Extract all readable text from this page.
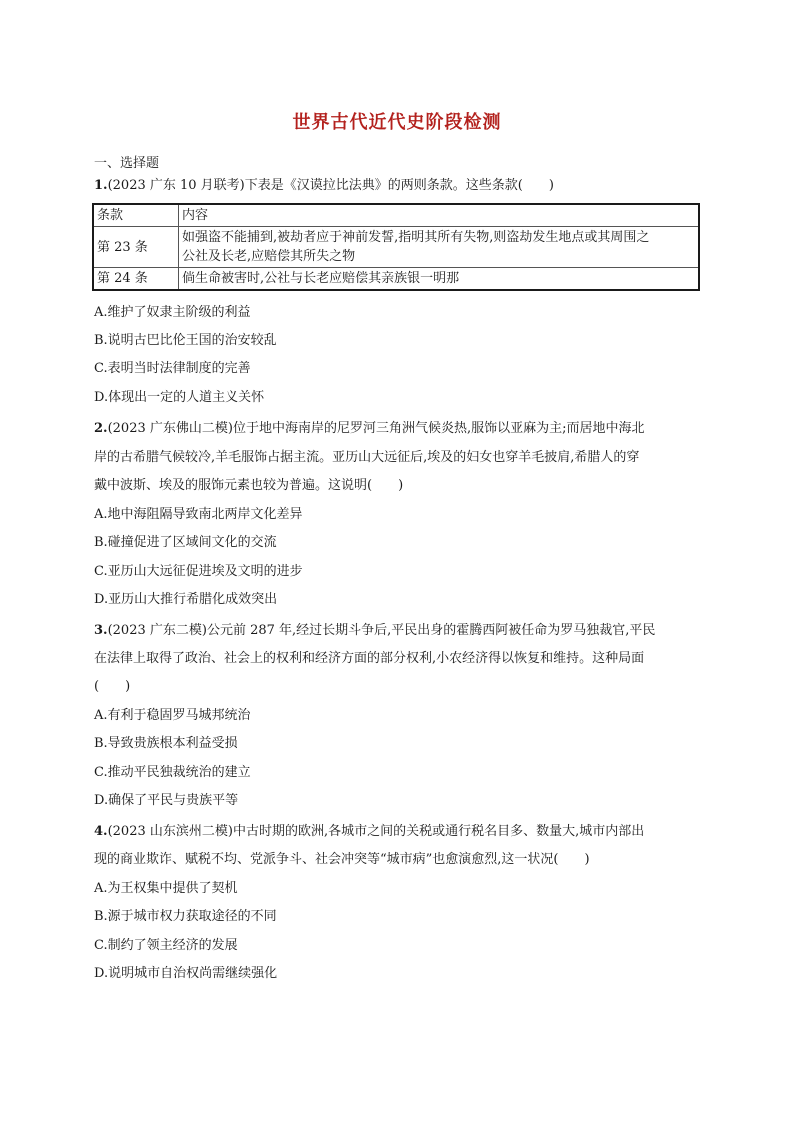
世界古代近代史阶段检测
一、选择题
1.(2023 广东 10 月联考)下表是《汉谟拉比法典》的两则条款。这些条款(　　)
条款	内容
第 23 条	如强盗不能捕到,被劫者应于神前发誓,指明其所有失物,则盗劫发生地点或其周围之
公社及长老,应赔偿其所失之物

第 24 条	倘生命被害时,公社与长老应赔偿其亲族银一明那
A.维护了奴隶主阶级的利益
B.说明古巴比伦王国的治安较乱
C.表明当时法律制度的完善
D.体现出一定的人道主义关怀
2.(2023 广东佛山二模)位于地中海南岸的尼罗河三角洲气候炎热,服饰以亚麻为主;而居地中海北
岸的古希腊气候较冷,羊毛服饰占据主流。亚历山大远征后,埃及的妇女也穿羊毛披肩,希腊人的穿
戴中波斯、埃及的服饰元素也较为普遍。这说明(　　)
A.地中海阻隔导致南北两岸文化差异
B.碰撞促进了区域间文化的交流
C.亚历山大远征促进埃及文明的进步
D.亚历山大推行希腊化成效突出
3.(2023 广东二模)公元前 287 年,经过长期斗争后,平民出身的霍腾西阿被任命为罗马独裁官,平民
在法律上取得了政治、社会上的权利和经济方面的部分权利,小农经济得以恢复和维持。这种局面
(　　)
A.有利于稳固罗马城邦统治
B.导致贵族根本利益受损
C.推动平民独裁统治的建立
D.确保了平民与贵族平等
4.(2023 山东滨州二模)中古时期的欧洲,各城市之间的关税或通行税名目多、数量大,城市内部出
现的商业欺诈、赋税不均、党派争斗、社会冲突等“城市病”也愈演愈烈,这一状况(　　)
A.为王权集中提供了契机
B.源于城市权力获取途径的不同
C.制约了领主经济的发展
D.说明城市自治权尚需继续强化
